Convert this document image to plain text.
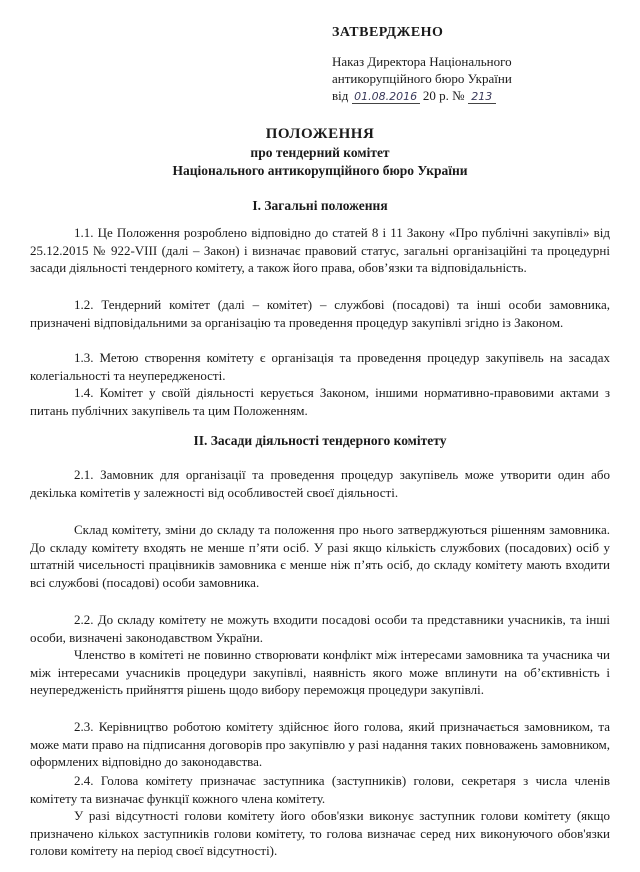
ЗАТВЕРДЖЕНО
Наказ Директора Національного
антикорупційного бюро України
від 01.08.2016 20 р. № 213
ПОЛОЖЕННЯ
про тендерний комітет
Національного антикорупційного бюро України
І. Загальні положення
1.1. Це Положення розроблено відповідно до статей 8 і 11 Закону «Про публічні закупівлі» від 25.12.2015 № 922-VIII (далі – Закон) і визначає правовий статус, загальні організаційні та процедурні засади діяльності тендерного комітету, а також його права, обов’язки та відповідальність.
1.2. Тендерний комітет (далі – комітет) – службові (посадові) та інші особи замовника, призначені відповідальними за організацію та проведення процедур закупівлі згідно із Законом.
1.3. Метою створення комітету є організація та проведення процедур закупівель на засадах колегіальності та неупередженості.
1.4. Комітет у своїй діяльності керується Законом, іншими нормативно-правовими актами з питань публічних закупівель та цим Положенням.
ІІ. Засади діяльності тендерного комітету
2.1. Замовник для організації та проведення процедур закупівель може утворити один або декілька комітетів у залежності від особливостей своєї діяльності.
Склад комітету, зміни до складу та положення про нього затверджуються рішенням замовника. До складу комітету входять не менше п’яти осіб. У разі якщо кількість службових (посадових) осіб у штатній чисельності працівників замовника є менше ніж п’ять осіб, до складу комітету мають входити всі службові (посадові) особи замовника.
2.2. До складу комітету не можуть входити посадові особи та представники учасників, та інші особи, визначені законодавством України.
Членство в комітеті не повинно створювати конфлікт між інтересами замовника та учасника чи між інтересами учасників процедури закупівлі, наявність якого може вплинути на об’єктивність і неупередженість прийняття рішень щодо вибору переможця процедури закупівлі.
2.3. Керівництво роботою комітету здійснює його голова, який призначається замовником, та може мати право на підписання договорів про закупівлю у разі надання таких повноважень замовником, оформлених відповідно до законодавства.
2.4. Голова комітету призначає заступника (заступників) голови, секретаря з числа членів комітету та визначає функції кожного члена комітету.
У разі відсутності голови комітету його обов'язки виконує заступник голови комітету (якщо призначено кількох заступників голови комітету, то голова визначає серед них виконуючого обов'язки голови комітету на період своєї відсутності).
